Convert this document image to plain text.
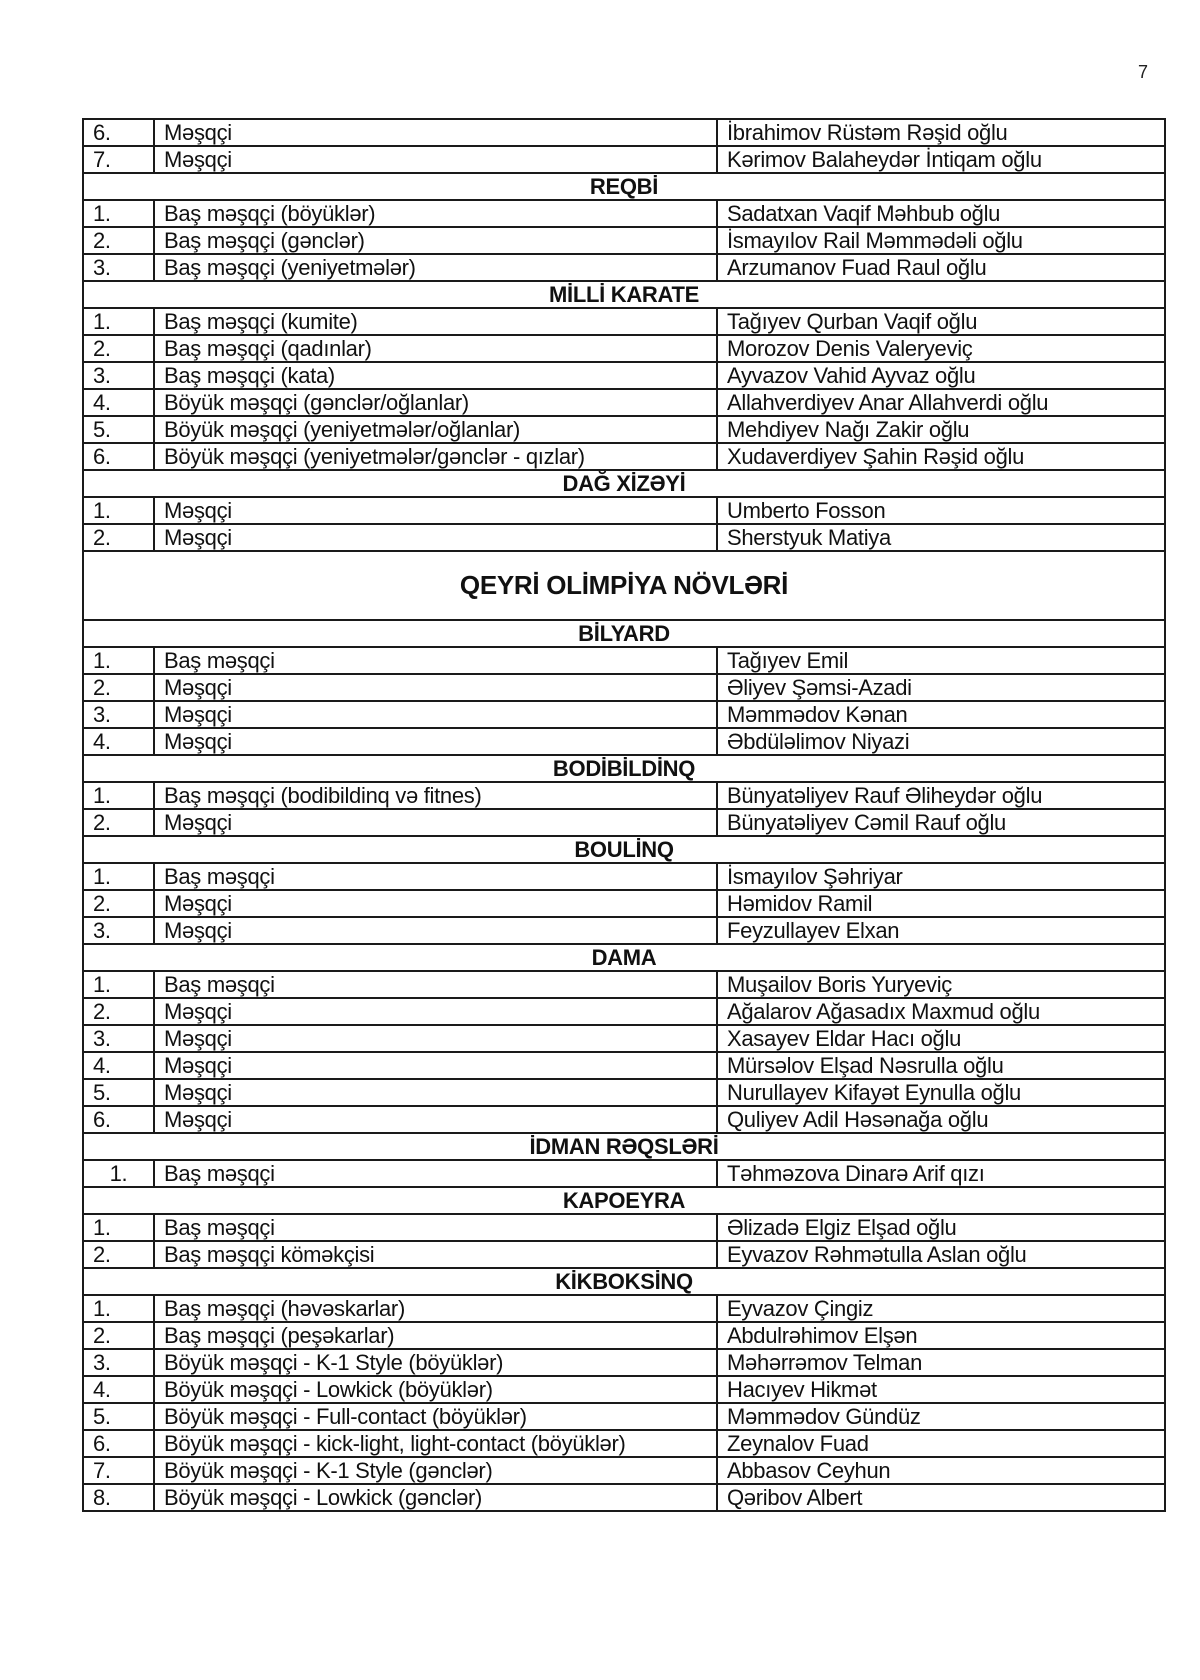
7
6.	Məşqçi	İbrahimov Rüstəm Rəşid oğlu
7.	Məşqçi	Kərimov Balaheydər İntiqam oğlu
REQBİ		
1.	Baş məşqçi (böyüklər)	Sadatxan Vaqif Məhbub oğlu
2.	Baş məşqçi (gənclər)	İsmayılov Rail Məmmədəli oğlu
3.	Baş məşqçi (yeniyetmələr)	Arzumanov Fuad Raul oğlu
MİLLİ KARATE		
1.	Baş məşqçi (kumite)	Tağıyev Qurban Vaqif oğlu
2.	Baş məşqçi (qadınlar)	Morozov Denis Valeryeviç
3.	Baş məşqçi (kata)	Ayvazov Vahid Ayvaz oğlu
4.	Böyük məşqçi (gənclər/oğlanlar)	Allahverdiyev Anar Allahverdi oğlu
5.	Böyük məşqçi (yeniyetmələr/oğlanlar)	Mehdiyev Nağı Zakir oğlu
6.	Böyük məşqçi (yeniyetmələr/gənclər - qızlar)	Xudaverdiyev Şahin Rəşid oğlu
DAĞ XİZƏYİ		
1.	Məşqçi	Umberto Fosson
2.	Məşqçi	Sherstyuk Matiya
QEYRİ OLİMPİYA NÖVLƏRİ		
BİLYARD		
1.	Baş məşqçi	Tağıyev Emil
2.	Məşqçi	Əliyev Şəmsi-Azadi
3.	Məşqçi	Məmmədov Kənan
4.	Məşqçi	Əbdüləlimov Niyazi
BODİBİLDİNQ		
1.	Baş məşqçi (bodibildinq və fitnes)	Bünyatəliyev Rauf Əliheydər oğlu
2.	Məşqçi	Bünyatəliyev Cəmil Rauf oğlu
BOULİNQ		
1.	Baş məşqçi	İsmayılov Şəhriyar
2.	Məşqçi	Həmidov Ramil
3.	Məşqçi	Feyzullayev Elxan
DAMA		
1.	Baş məşqçi	Muşailov Boris Yuryeviç
2.	Məşqçi	Ağalarov Ağasadıx Maxmud oğlu
3.	Məşqçi	Xasayev Eldar Hacı oğlu
4.	Məşqçi	Mürsəlov Elşad Nəsrulla oğlu
5.	Məşqçi	Nurullayev Kifayət Eynulla oğlu
6.	Məşqçi	Quliyev Adil Həsənağa oğlu
İDMAN RƏQSLƏRİ		
1.	Baş məşqçi	Təhməzova Dinarə Arif qızı
KAPOEYRA		
1.	Baş məşqçi	Əlizadə Elgiz Elşad oğlu
2.	Baş məşqçi köməkçisi	Eyvazov Rəhmətulla Aslan oğlu
KİKBOKSİNQ		
1.	Baş məşqçi (həvəskarlar)	Eyvazov Çingiz
2.	Baş məşqçi (peşəkarlar)	Abdulrəhimov Elşən
3.	Böyük məşqçi - K-1 Style (böyüklər)	Məhərrəmov Telman
4.	Böyük məşqçi - Lowkick (böyüklər)	Hacıyev Hikmət
5.	Böyük məşqçi - Full-contact (böyüklər)	Məmmədov Gündüz
6.	Böyük məşqçi - kick-light, light-contact (böyüklər)	Zeynalov Fuad
7.	Böyük məşqçi - K-1 Style (gənclər)	Abbasov Ceyhun
8.	Böyük məşqçi - Lowkick (gənclər)	Qəribov Albert
